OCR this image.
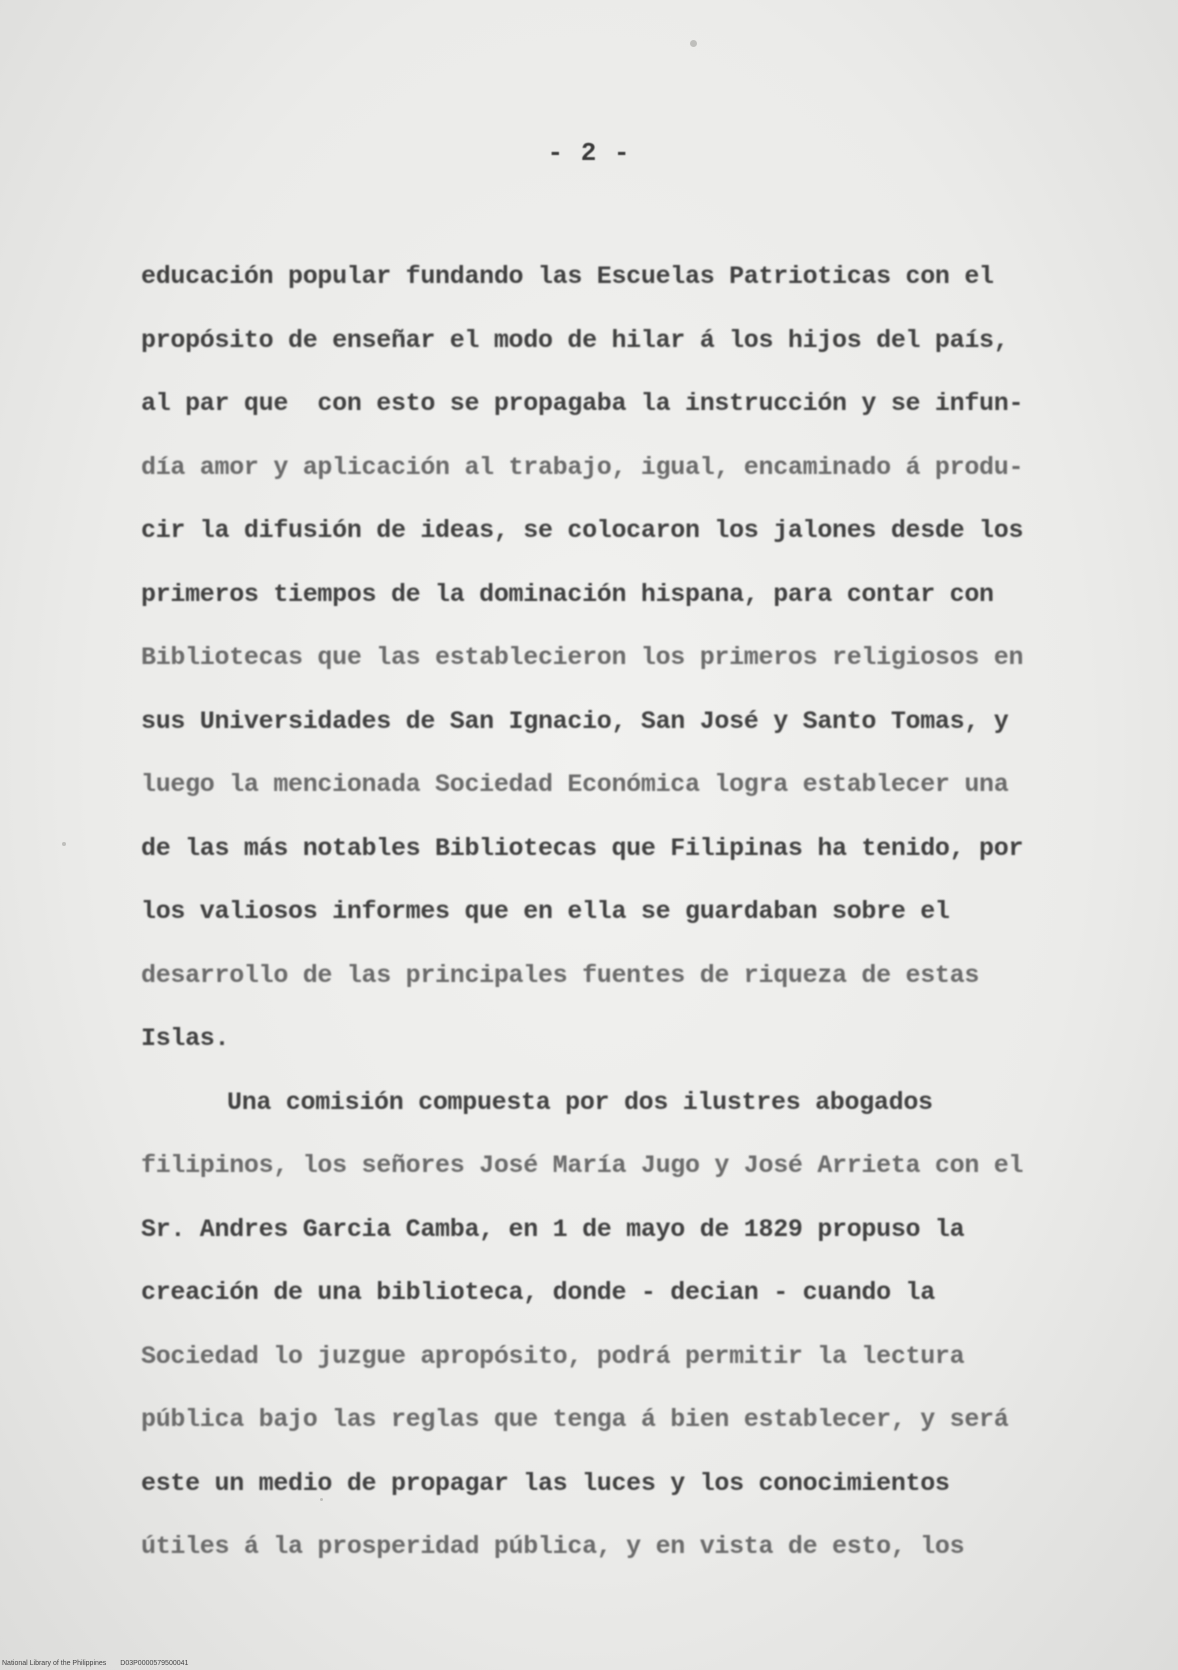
- 2 -
educación popular fundando las Escuelas Patrioticas con el
propósito de enseñar el modo de hilar á los hijos del país,
al par que  con esto se propagaba la instrucción y se infun-
día amor y aplicación al trabajo, igual, encaminado á produ-
cir la difusión de ideas, se colocaron los jalones desde los
primeros tiempos de la dominación hispana, para contar con
Bibliotecas que las establecieron los primeros religiosos en
sus Universidades de San Ignacio, San José y Santo Tomas, y
luego la mencionada Sociedad Económica logra establecer una
de las más notables Bibliotecas que Filipinas ha tenido, por
los valiosos informes que en ella se guardaban sobre el
desarrollo de las principales fuentes de riqueza de estas
Islas.
Una comisión compuesta por dos ilustres abogados
filipinos, los señores José María Jugo y José Arrieta con el
Sr. Andres Garcia Camba, en 1 de mayo de 1829 propuso la
creación de una biblioteca, donde - decian - cuando la
Sociedad lo juzgue apropósito, podrá permitir la lectura
pública bajo las reglas que tenga á bien establecer, y será
este un medio de propagar las luces y los conocimientos
útiles á la prosperidad pública, y en vista de esto, los
National Library of the Philippines D03P0000579500041
